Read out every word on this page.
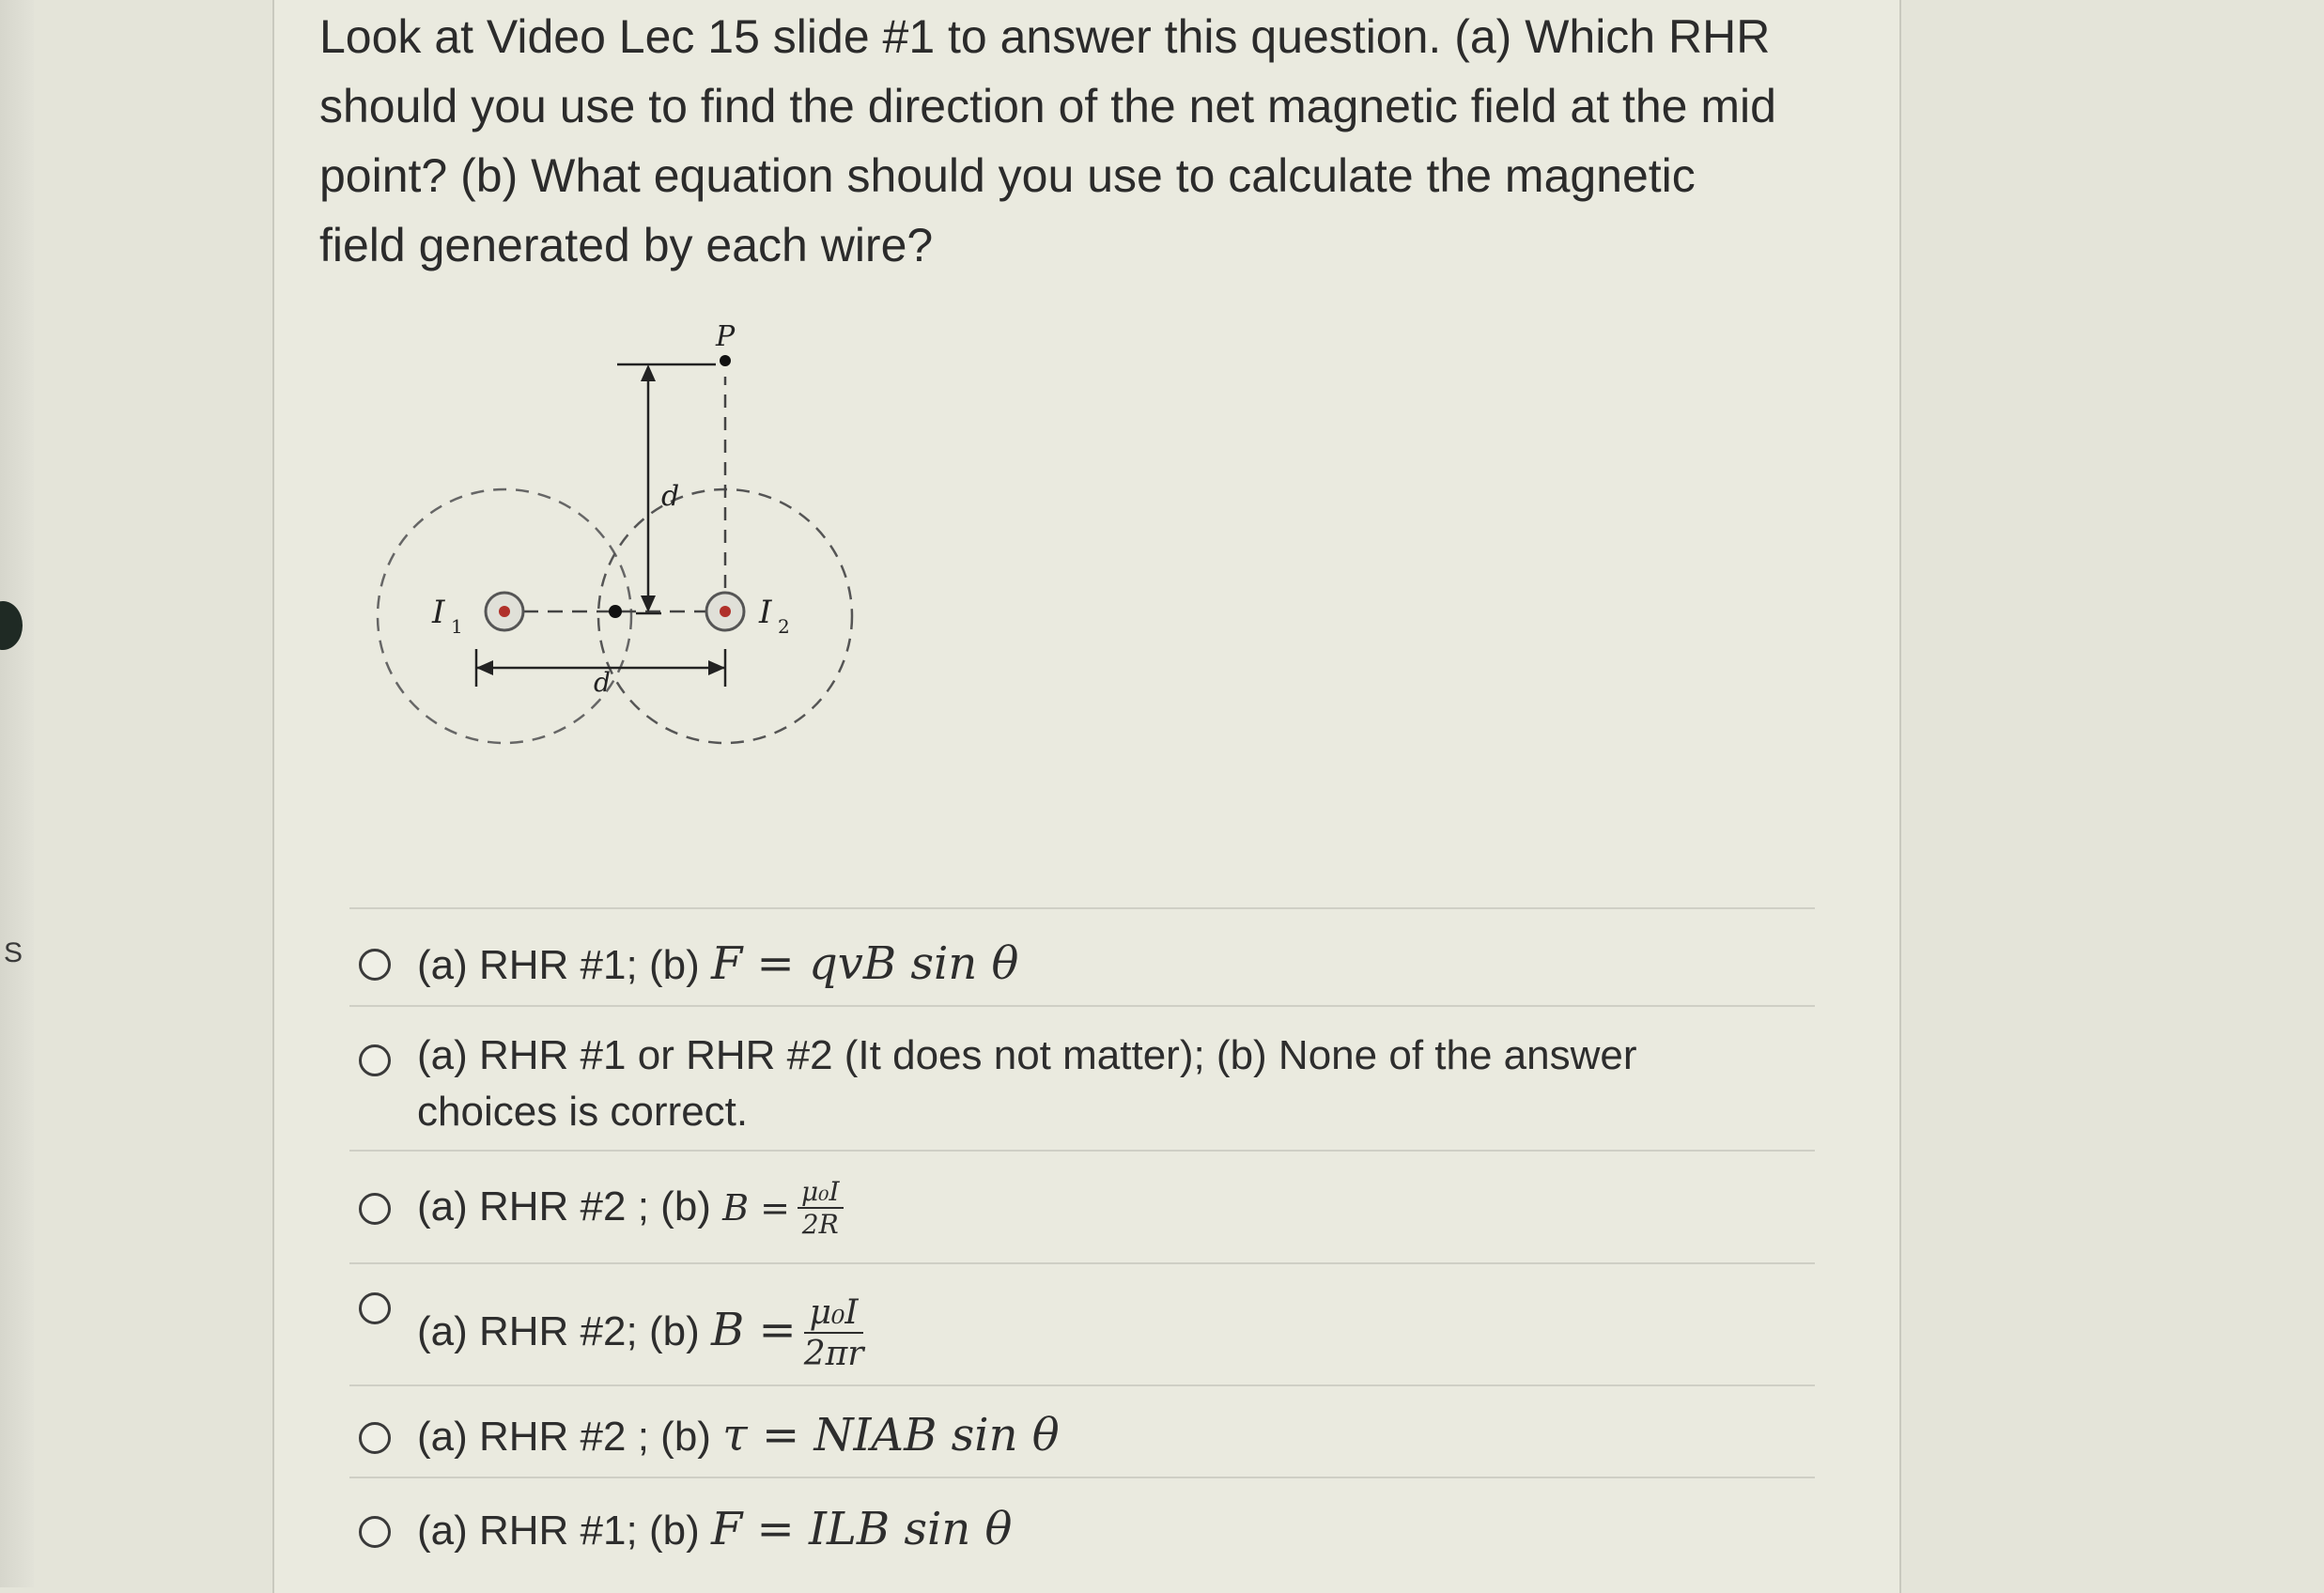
S
Look at Video Lec 15 slide #1 to answer this question. (a) Which RHR should you use to find the direction of the net magnetic field at the mid point? (b) What equation should you use to calculate the magnetic field generated by each wire?
P
d
d
I 1	I 2
(a) RHR #1; (b) F = qvB sin θ
(a) RHR #1 or RHR #2 (It does not matter); (b) None of the answer
choices is correct.
(a) RHR #2 ; (b) $B = \frac{\text{μ₀I}}{2R}$
(a) RHR #2; (b) $B = \frac{\text{μ₀I}}{2\pi r}$
(a) RHR #2 ; (b) τ = NIAB sin θ
(a) RHR #1; (b) F = ILB sin θ
